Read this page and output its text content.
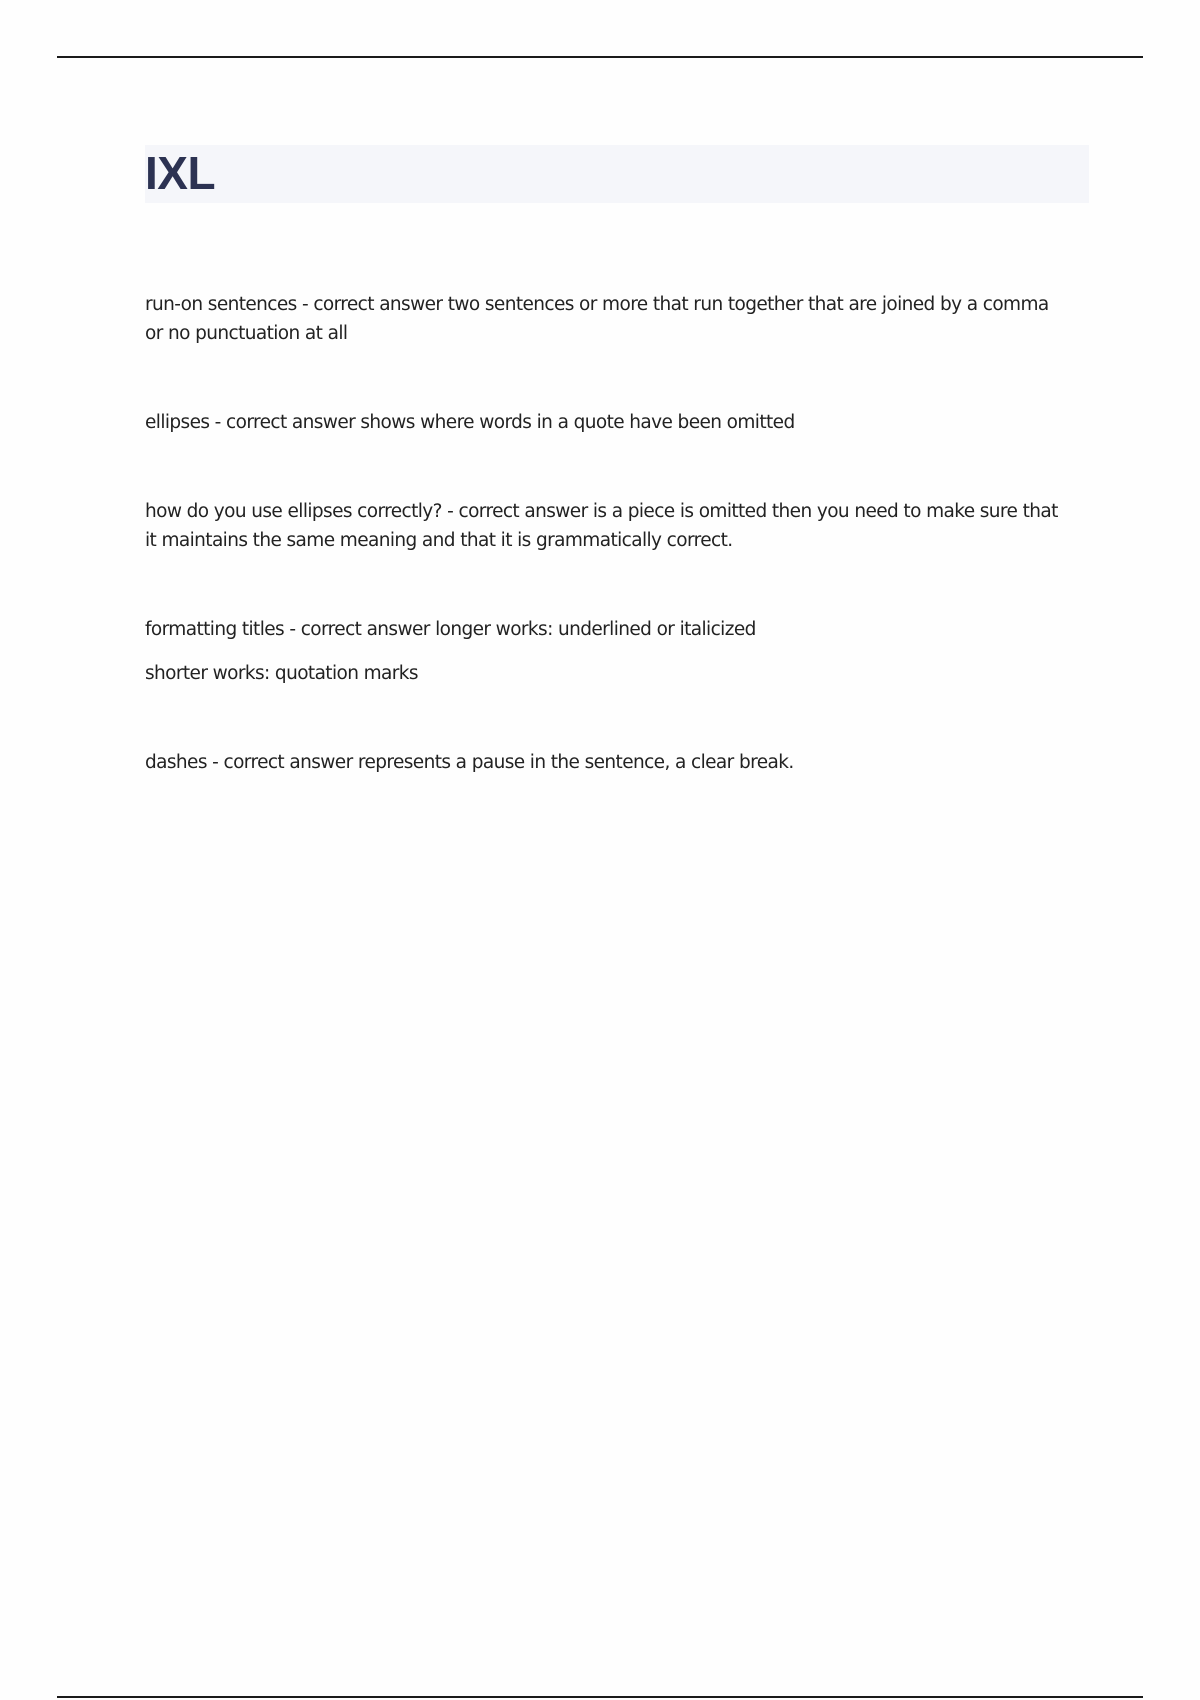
IXL
run-on sentences - correct answer two sentences or more that run together that are joined by a comma
or no punctuation at all
ellipses - correct answer shows where words in a quote have been omitted
how do you use ellipses correctly? - correct answer is a piece is omitted then you need to make sure that
it maintains the same meaning and that it is grammatically correct.
formatting titles - correct answer longer works: underlined or italicized
shorter works: quotation marks
dashes - correct answer represents a pause in the sentence, a clear break.
